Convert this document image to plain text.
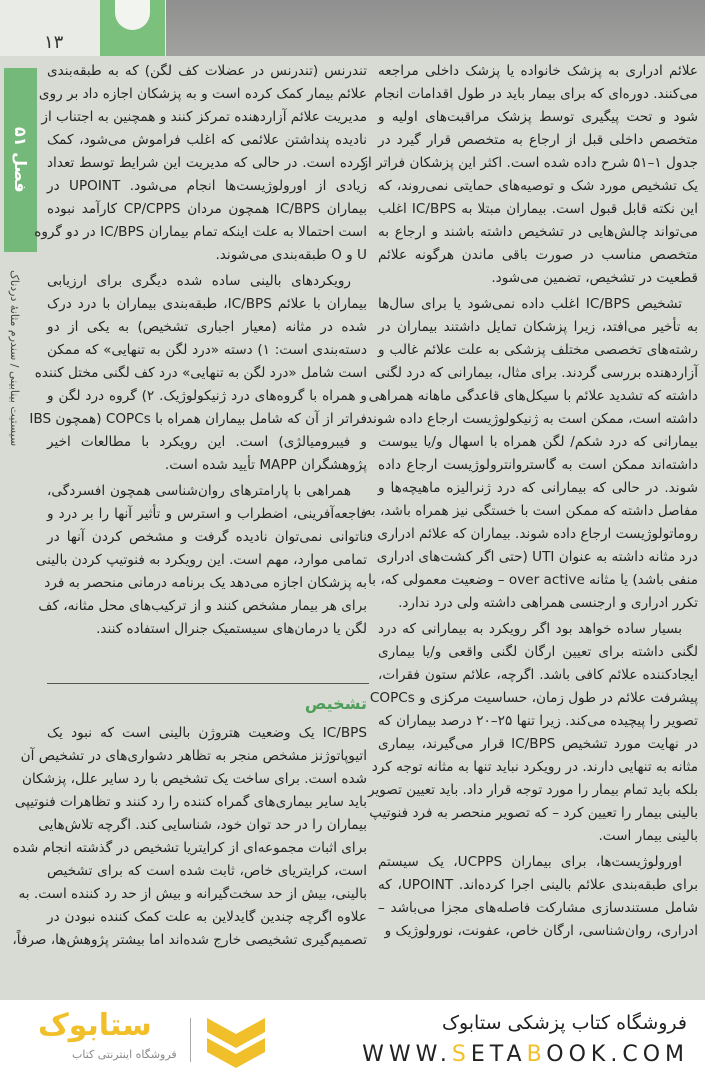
۱۳
فصل ۵۱
سیستیت بینابینی / سندرم مثانهٔ دردناک
علائم ادراری به پزشک خانواده یا پزشک داخلی مراجعه
می‌کنند. دوره‌ای که برای بیمار باید در طول اقدامات انجام
شود و تحت پیگیری توسط پزشک مراقبت‌های اولیه و
متخصص داخلی قبل از ارجاع به متخصص قرار گیرد در
جدول ۱–۵۱ شرح داده شده است. اکثر این پزشکان فراتر از
یک تشخیص مورد شک و توصیه‌های حمایتی نمی‌روند، که
این نکته قابل قبول است. بیماران مبتلا به IC/BPS اغلب
می‌تواند چالش‌هایی در تشخیص داشته باشند و ارجاع به
متخصص مناسب در صورت باقی ماندن هرگونه علائم
قطعیت در تشخیص، تضمین می‌شود.
تشخیص IC/BPS اغلب داده نمی‌شود یا برای سال‌ها
به تأخیر می‌افتد، زیرا پزشکان تمایل داشتند بیماران در
رشته‌های تخصصی مختلف پزشکی به علت علائم غالب و
آزاردهنده بررسی گردند. برای مثال، بیمارانی که درد لگنی
داشته که تشدید علائم با سیکل‌های قاعدگی ماهانه همراهی
داشته است، ممکن است به ژنیکولوژیست ارجاع داده شوند.
بیمارانی که درد شکم/ لگن همراه با اسهال و/یا یبوست
داشته‌اند ممکن است به گاستروانترولوژیست ارجاع داده
شوند. در حالی که بیمارانی که درد ژنرالیزه ماهیچه‌ها و
مفاصل داشته که ممکن است با خستگی نیز همراه باشد، به
روماتولوژیست ارجاع داده شوند. بیماران که علائم ادراری و
درد مثانه داشته به عنوان UTI (حتی اگر کشت‌های ادراری
منفی باشد) یا مثانه over active – وضعیت معمولی که، با
تکرر ادراری و ارجنسی همراهی داشته ولی درد ندارد.
بسیار ساده خواهد بود اگر رویکرد به بیمارانی که درد
لگنی داشته برای تعیین ارگان لگنی واقعی و/یا بیماری
ایجادکننده علائم کافی باشد. اگرچه، علائم ستون فقرات،
پیشرفت علائم در طول زمان، حساسیت مرکزی و COPCs
تصویر را پیچیده می‌کند. زیرا تنها ۲۵–۲۰ درصد بیماران که
در نهایت مورد تشخیص IC/BPS قرار می‌گیرند، بیماری
مثانه به تنهایی دارند. در رویکرد نباید تنها به مثانه توجه کرد
بلکه باید تمام بیمار را مورد توجه قرار داد. باید تعیین تصویر
بالینی بیمار را تعیین کرد – که تصویر منحصر به فرد فنوتیپ
بالینی بیمار است.
اورولوژیست‌ها، برای بیماران UCPPS، یک سیستم
برای طبقه‌بندی علائم بالینی اجرا کرده‌اند. UPOINT، که
شامل مستندسازی مشارکت فاصله‌های مجزا می‌باشد –
ادراری، روان‌شناسی، ارگان خاص، عفونت، نورولوژیک و
تندرنس (تندرنس در عضلات کف لگن) که به طبقه‌بندی
علائم بیمار کمک کرده است و به پزشکان اجازه داد بر روی
مدیریت علائم آزاردهنده تمرکز کنند و همچنین به اجتناب از
نادیده پنداشتن علائمی که اغلب فراموش می‌شود، کمک
کرده است. در حالی که مدیریت این شرایط توسط تعداد
زیادی از اورولوژیست‌ها انجام می‌شود. UPOINT در
بیماران IC/BPS همچون مردان CP/CPPS کارآمد نبوده
است احتمالا به علت اینکه تمام بیماران IC/BPS در دو گروه
U و O طبقه‌بندی می‌شوند.
رویکردهای بالینی ساده شده دیگری برای ارزیابی
بیماران با علائم IC/BPS، طبقه‌بندی بیماران با درد درک
شده در مثانه (معیار اجباری تشخیص) به یکی از دو
دسته‌بندی است: ۱) دسته «درد لگن به تنهایی» که ممکن
است شامل «درد لگن به تنهایی» درد کف لگنی مختل کننده
و همراه با گروه‌های درد ژنیکولوژیک. ۲) گروه درد لگن و
فراتر از آن که شامل بیماران همراه با COPCs (همچون IBS
و فیبرومیالژی) است. این رویکرد با مطالعات اخیر
پژوهشگران MAPP تأیید شده است.
همراهی با پارامترهای روان‌شناسی همچون افسردگی،
فاجعه‌آفرینی، اضطراب و استرس و تأثیر آنها را بر درد و
ناتوانی نمی‌توان نادیده گرفت و مشخص کردن آنها در
تمامی موارد، مهم است. این رویکرد به فنوتیپ کردن بالینی
به پزشکان اجازه می‌دهد یک برنامه درمانی منحصر به فرد
برای هر بیمار مشخص کنند و از ترکیب‌های محل مثانه، کف
لگن یا درمان‌های سیستمیک جنرال استفاده کنند.
تشخیص
IC/BPS یک وضعیت هتروژن بالینی است که نبود یک
اتیوپاتوژنز مشخص منجر به تظاهر دشواری‌های در تشخیص آن
شده است. برای ساخت یک تشخیص با رد سایر علل، پزشکان
باید سایر بیماری‌های گمراه کننده را رد کنند و تظاهرات فنوتیپی
بیماران را در حد توان خود، شناسایی کند. اگرچه تلاش‌هایی
برای اثبات مجموعه‌ای از کرایتریا تشخیص در گذشته انجام شده
است، کرایتریای خاص، ثابت شده است که برای تشخیص
بالینی، بیش از حد سخت‌گیرانه و بیش از حد رد کننده است. به
علاوه اگرچه چندین گایدلاین به علت کمک کننده نبودن در
تصمیم‌گیری تشخیصی خارج شده‌اند اما بیشتر پژوهش‌ها، صرفاً،
فروشگاه کتاب پزشکی ستابوک
WWW.SETABOOK.COM
ستابوک
فروشگاه اینترنتی کتاب
